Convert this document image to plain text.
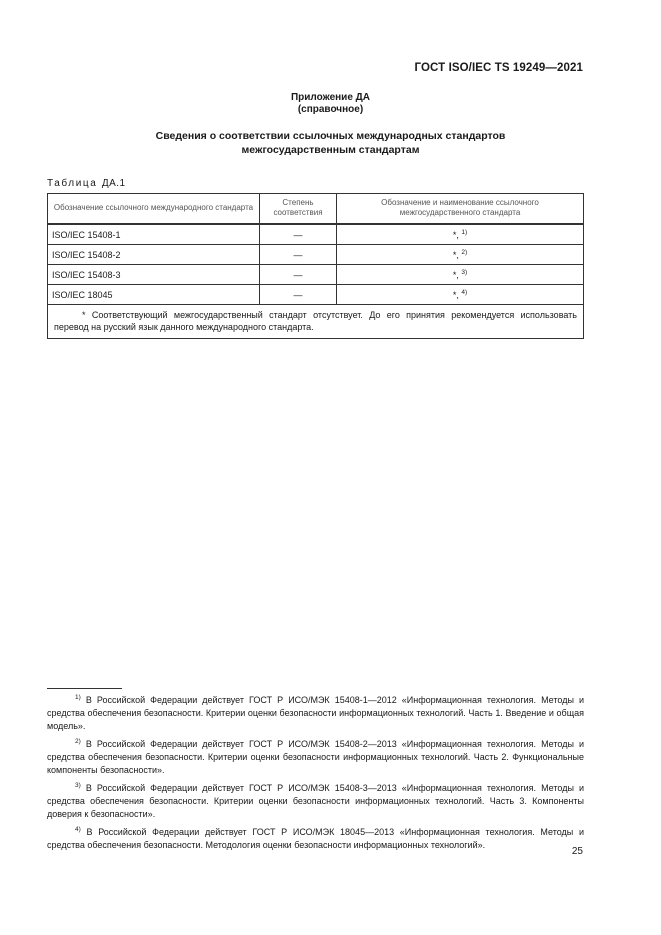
ГОСТ ISO/IEC TS 19249—2021
Приложение ДА
(справочное)
Сведения о соответствии ссылочных международных стандартов
межгосударственным стандартам
Таблица ДА.1
Обозначение ссылочного международного стандарта	Степень соответствия	Обозначение и наименование ссылочного межгосударственного стандарта
ISO/IEC 15408-1	—	*, $^{1)}$
ISO/IEC 15408-2	—	*, $^{2)}$
ISO/IEC 15408-3	—	*, $^{3)}$
ISO/IEC 18045	—	*, $^{4)}$
* Соответствующий межгосударственный стандарт отсутствует. До его принятия рекомендуется использовать перевод на русский язык данного международного стандарта.		

$^{1)}$ В Российской Федерации действует ГОСТ Р ИСО/МЭК 15408-1—2012 «Информационная технология. Методы и средства обеспечения безопасности. Критерии оценки безопасности информационных технологий. Часть 1. Введение и общая модель».

$^{2)}$ В Российской Федерации действует ГОСТ Р ИСО/МЭК 15408-2—2013 «Информационная технология. Методы и средства обеспечения безопасности. Критерии оценки безопасности информационных технологий. Часть 2. Функциональные компоненты безопасности».

$^{3)}$ В Российской Федерации действует ГОСТ Р ИСО/МЭК 15408-3—2013 «Информационная технология. Методы и средства обеспечения безопасности. Критерии оценки безопасности информационных технологий. Часть 3. Компоненты доверия к безопасности».

$^{4)}$ В Российской Федерации действует ГОСТ Р ИСО/МЭК 18045—2013 «Информационная технология. Методы и средства обеспечения безопасности. Методология оценки безопасности информационных технологий».

25
